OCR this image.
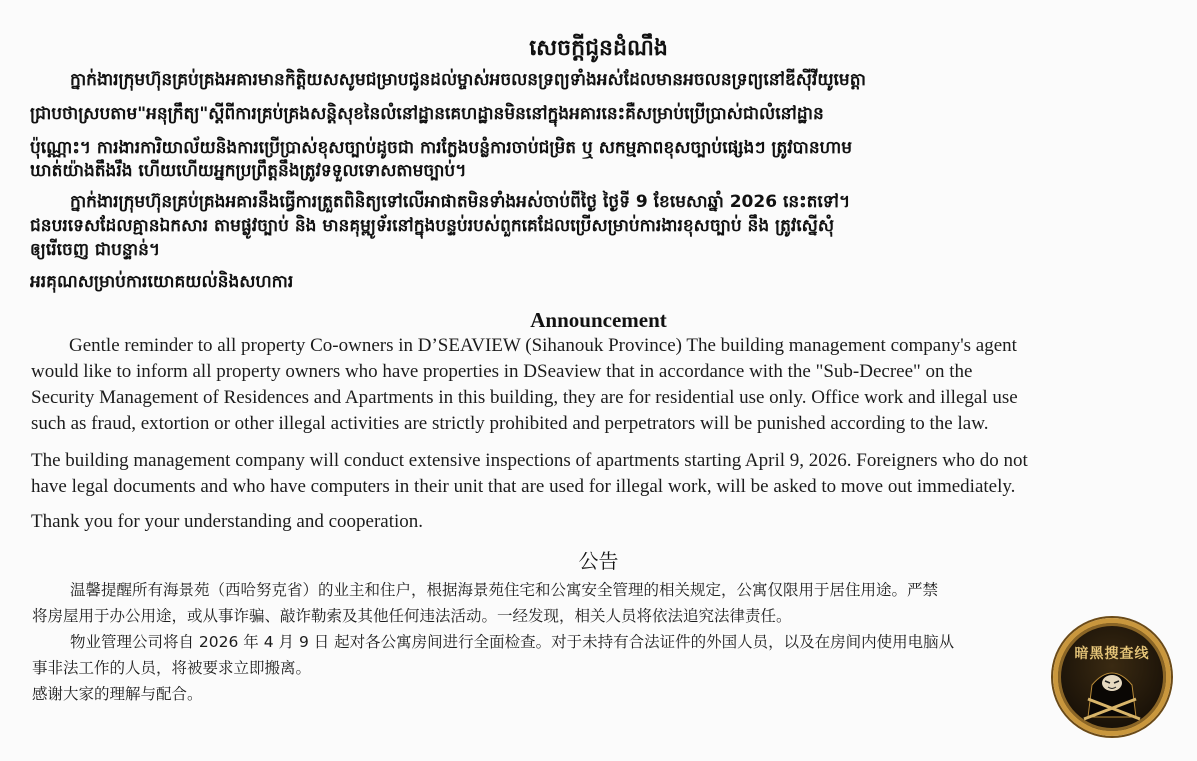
សេចក្តីជូនដំណឹង
ក្នាក់ងារក្រុមហ៊ុនគ្រប់គ្រងអគារមានកិត្តិយសសូមជម្រាបជូនដល់ម្ចាស់អចលនទ្រព្យទាំងអស់ដែលមានអចលនទ្រព្យនៅឌីស៊ីវីយូមេត្តា
ជ្រាបថាស្របតាម"អនុក្រឹត្យ"ស្តីពីការគ្រប់គ្រងសន្តិសុខនៃលំនៅដ្ឋានគេហដ្ឋានមិននៅក្នុងអគារនេះគឺសម្រាប់ប្រើប្រាស់ជាលំនៅដ្ឋាន
ប៉ុណ្ណោះ។ ការងារការិយាល័យនិងការប្រើប្រាស់ខុសច្បាប់ដូចជា ការក្លែងបន្លំការចាប់ជម្រិត ឬ សកម្មភាពខុសច្បាប់ផ្សេងៗ ត្រូវបានហាម
ឃាត់យ៉ាងតឹងរឹង ហើយហើយអ្នកប្រព្រឹត្តនឹងត្រូវទទួលទោសតាមច្បាប់។
ក្នាក់ងារក្រុមហ៊ុនគ្រប់គ្រងអគារនឹងធ្វើការត្រួតពិនិត្យទៅលើអាផាតមិនទាំងអស់ចាប់ពីថ្ងៃ ថ្ងៃទី 9 ខែមេសាឆ្នាំ 2026 នេះតទៅ។
ជនបរទេសដែលគ្មានឯកសារ តាមផ្លូវច្បាប់ និង មានគុម្ព្យូទ័រនៅក្នុងបន្ទប់របស់ពួកគេដែលប្រើសម្រាប់ការងារខុសច្បាប់ នឹង ត្រូវស្នើសុំ
ឲ្យរើចេញ ជាបន្ទាន់។
អរគុណសម្រាប់ការយោគយល់និងសហការ
Announcement
Gentle reminder to all property Co-owners in D’SEAVIEW (Sihanouk Province) The building management company's agent
would like to inform all property owners who have properties in DSeaview that in accordance with the "Sub-Decree" on the
Security Management of Residences and Apartments in this building, they are for residential use only. Office work and illegal use
such as fraud, extortion or other illegal activities are strictly prohibited and perpetrators will be punished according to the law.
The building management company will conduct extensive inspections of apartments starting April 9, 2026. Foreigners who do not
have legal documents and who have computers in their unit that are used for illegal work, will be asked to move out immediately.
Thank you for your understanding and cooperation.
公告
温馨提醒所有海景苑（西哈努克省）的业主和住户，根据海景苑住宅和公寓安全管理的相关规定，公寓仅限用于居住用途。严禁
将房屋用于办公用途，或从事诈骗、敲诈勒索及其他任何违法活动。一经发现，相关人员将依法追究法律责任。
物业管理公司将自 2026 年 4 月 9 日 起对各公寓房间进行全面检查。对于未持有合法证件的外国人员，以及在房间内使用电脑从
事非法工作的人员，将被要求立即搬离。
感谢大家的理解与配合。
暗黑搜查线
